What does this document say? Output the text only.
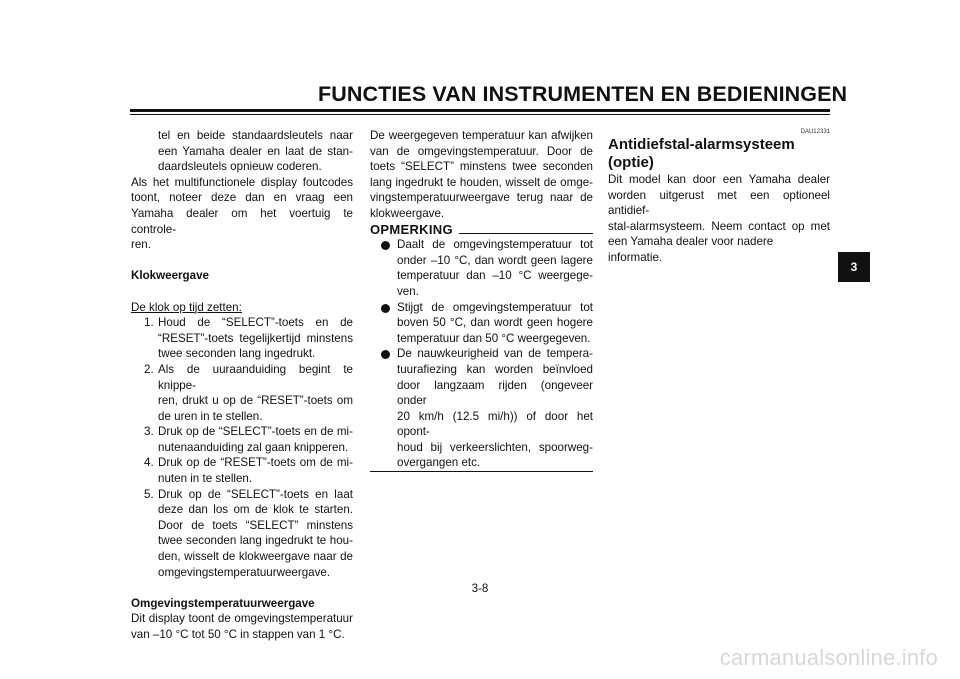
FUNCTIES VAN INSTRUMENTEN EN BEDIENINGEN
tel en beide standaardsleutels naar
een Yamaha dealer en laat de stan-
daardsleutels opnieuw coderen.
Als het multifunctionele display foutcodes
toont, noteer deze dan en vraag een
Yamaha dealer om het voertuig te controle-
ren.
Klokweergave
De klok op tijd zetten:
1. Houd de “SELECT”-toets en de
“RESET”-toets tegelijkertijd minstens
twee seconden lang ingedrukt.
2. Als de uuraanduiding begint te knippe-
ren, drukt u op de “RESET”-toets om
de uren in te stellen.
3. Druk op de “SELECT”-toets en de mi-
nutenaanduiding zal gaan knipperen.
4. Druk op de “RESET”-toets om de mi-
nuten in te stellen.
5. Druk op de “SELECT”-toets en laat
deze dan los om de klok te starten.
Door de toets “SELECT” minstens
twee seconden lang ingedrukt te hou-
den, wisselt de klokweergave naar de
omgevingstemperatuurweergave.
Omgevingstemperatuurweergave
Dit display toont de omgevingstemperatuur
van –10 °C tot 50 °C in stappen van 1 °C.
De weergegeven temperatuur kan afwijken
van de omgevingstemperatuur. Door de
toets “SELECT” minstens twee seconden
lang ingedrukt te houden, wisselt de omge-
vingstemperatuurweergave terug naar de
klokweergave.
OPMERKING
Daalt de omgevingstemperatuur tot
onder –10 °C, dan wordt geen lagere
temperatuur dan –10 °C weergege-
ven.
Stijgt de omgevingstemperatuur tot
boven 50 °C, dan wordt geen hogere
temperatuur dan 50 °C weergegeven.
De nauwkeurigheid van de tempera-
tuurafiezing kan worden beïnvloed
door langzaam rijden (ongeveer onder
20 km/h (12.5 mi/h)) of door het opont-
houd bij verkeerslichten, spoorweg-
overgangen etc.
DAU12331
Antidiefstal-alarmsysteem
(optie)
Dit model kan door een Yamaha dealer
worden uitgerust met een optioneel antidief-
stal-alarmsysteem. Neem contact op met
een Yamaha dealer voor nadere informatie.
3
3-8
carmanualsonline.info
